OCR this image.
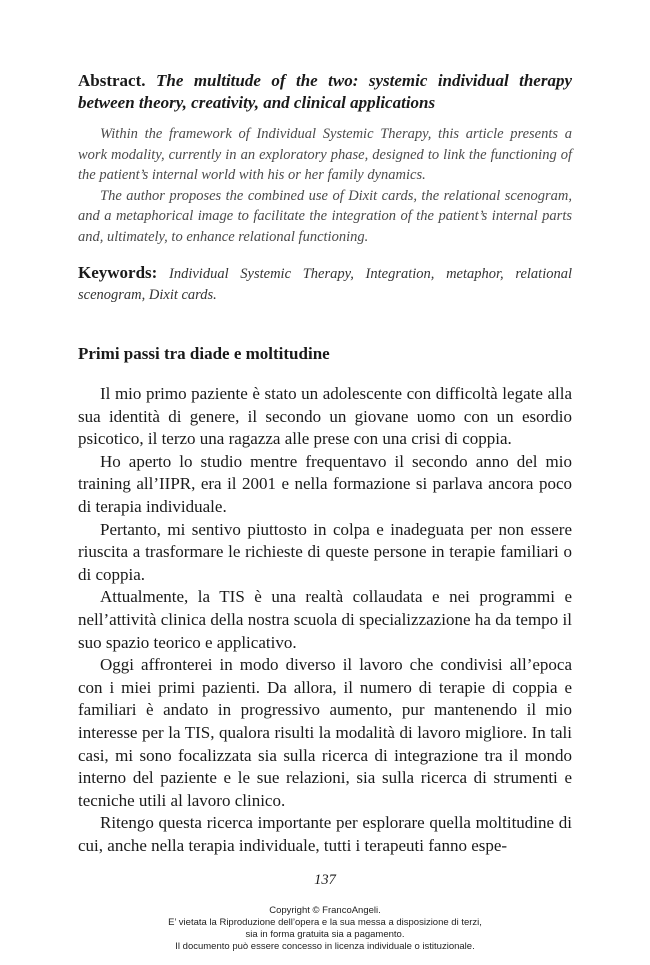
Abstract. The multitude of the two: systemic individual therapy between theory, creativity, and clinical applications

Within the framework of Individual Systemic Therapy, this article presents a work modality, currently in an exploratory phase, designed to link the functioning of the patient’s internal world with his or her family dynamics.

The author proposes the combined use of Dixit cards, the relational scenogram, and a metaphorical image to facilitate the integration of the patient’s internal parts and, ultimately, to enhance relational functioning.

Keywords: Individual Systemic Therapy, Integration, metaphor, relational scenogram, Dixit cards.
Primi passi tra diade e moltitudine

Il mio primo paziente è stato un adolescente con difficoltà legate alla sua identità di genere, il secondo un giovane uomo con un esordio psicotico, il terzo una ragazza alle prese con una crisi di coppia.

Ho aperto lo studio mentre frequentavo il secondo anno del mio training all’IIPR, era il 2001 e nella formazione si parlava ancora poco di terapia individuale.

Pertanto, mi sentivo piuttosto in colpa e inadeguata per non essere riuscita a trasformare le richieste di queste persone in terapie familiari o di coppia.

Attualmente, la TIS è una realtà collaudata e nei programmi e nell’attività clinica della nostra scuola di specializzazione ha da tempo il suo spazio teorico e applicativo.

Oggi affronterei in modo diverso il lavoro che condivisi all’epoca con i miei primi pazienti. Da allora, il numero di terapie di coppia e familiari è andato in progressivo aumento, pur mantenendo il mio interesse per la TIS, qualora risulti la modalità di lavoro migliore. In tali casi, mi sono focalizzata sia sulla ricerca di integrazione tra il mondo interno del paziente e le sue relazioni, sia sulla ricerca di strumenti e tecniche utili al lavoro clinico.

Ritengo questa ricerca importante per esplorare quella moltitudine di cui, anche nella terapia individuale, tutti i terapeuti fanno espe-

137
Copyright © FrancoAngeli.
E’ vietata la Riproduzione dell’opera e la sua messa a disposizione di terzi,
sia in forma gratuita sia a pagamento.
Il documento può essere concesso in licenza individuale o istituzionale.
